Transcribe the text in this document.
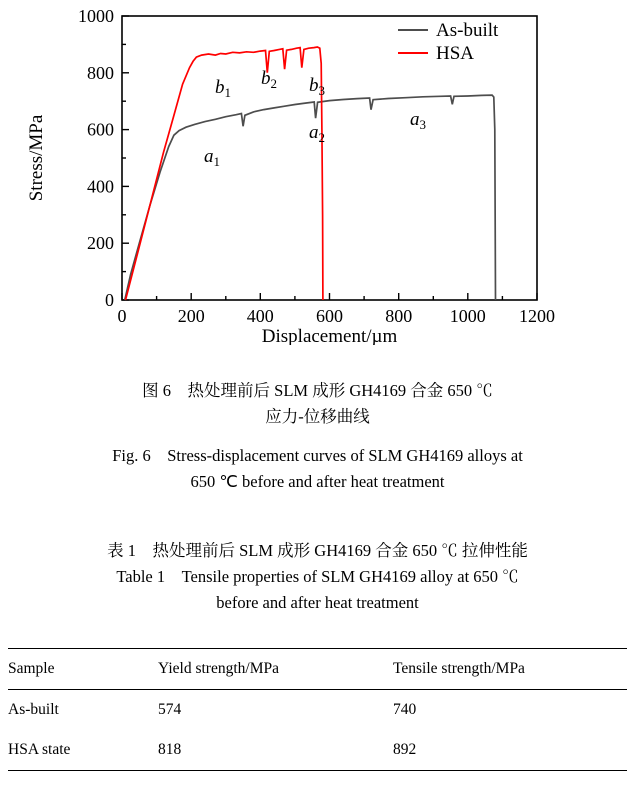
0	200 400 600 800 1000 1200
0
200
400
600
800
1000
Displacement/µm
Stress/MPa
As-built
HSA
$a_1$
$a_2$
$a_3$
$b_1$
$b_2$ $b_3$
图 6　热处理前后 SLM 成形 GH4169 合金 650 ℃
应力-位移曲线
Fig. 6　Stress-displacement curves of SLM GH4169 alloys at
650 ℃ before and after heat treatment
表 1　热处理前后 SLM 成形 GH4169 合金 650 ℃ 拉伸性能
Table 1　Tensile properties of SLM GH4169 alloy at 650 ℃
before and after heat treatment
Sample	Yield strength/MPa	Tensile strength/MPa
As-built	574	740
HSA state	818	892
